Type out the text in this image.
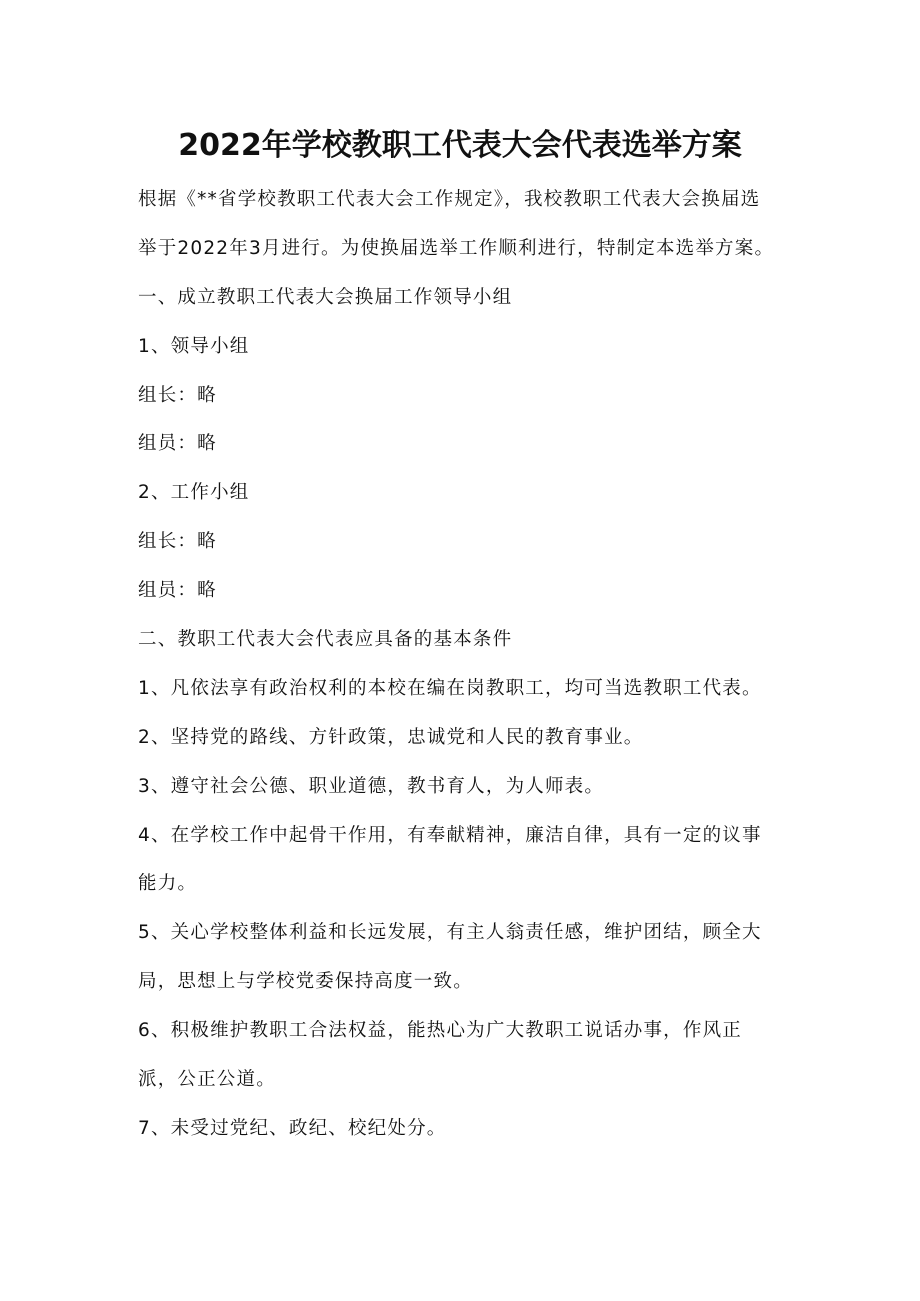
2022年学校教职工代表大会代表选举方案
根据《**省学校教职工代表大会工作规定》，我校教职工代表大会换届选
举于2022年3月进行。为使换届选举工作顺利进行，特制定本选举方案。
一、成立教职工代表大会换届工作领导小组
1、领导小组
组长：略
组员：略
2、工作小组
组长：略
组员：略
二、教职工代表大会代表应具备的基本条件
1、凡依法享有政治权利的本校在编在岗教职工，均可当选教职工代表。
2、坚持党的路线、方针政策，忠诚党和人民的教育事业。
3、遵守社会公德、职业道德，教书育人，为人师表。
4、在学校工作中起骨干作用，有奉献精神，廉洁自律，具有一定的议事
能力。
5、关心学校整体利益和长远发展，有主人翁责任感，维护团结，顾全大
局，思想上与学校党委保持高度一致。
6、积极维护教职工合法权益，能热心为广大教职工说话办事，作风正
派，公正公道。
7、未受过党纪、政纪、校纪处分。
